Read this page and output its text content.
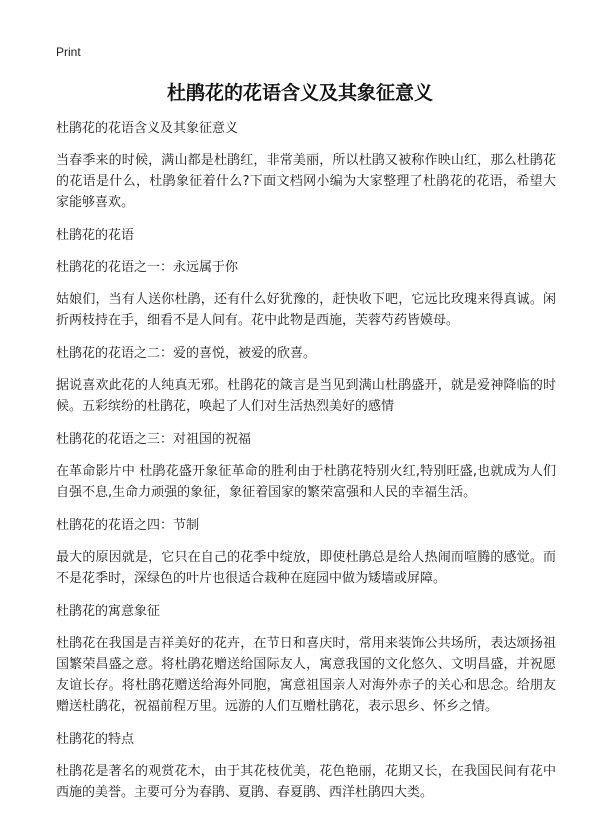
Print
杜鹃花的花语含义及其象征意义

杜鹃花的花语含义及其象征意义

当春季来的时候，满山都是杜鹃红，非常美丽，所以杜鹃又被称作映山红，那么杜鹃花的花语是什么，杜鹃象征着什么?下面文档网小编为大家整理了杜鹃花的花语，希望大家能够喜欢。

杜鹃花的花语

杜鹃花的花语之一：永远属于你

姑娘们，当有人送你杜鹃，还有什么好犹豫的，赶快收下吧，它远比玫瑰来得真诚。闲折两枝持在手，细看不是人间有。花中此物是西施，芙蓉芍药皆嫫母。

杜鹃花的花语之二：爱的喜悦，被爱的欣喜。

据说喜欢此花的人纯真无邪。杜鹃花的箴言是当见到满山杜鹃盛开，就是爱神降临的时候。五彩缤纷的杜鹃花，唤起了人们对生活热烈美好的感情

杜鹃花的花语之三：对祖国的祝福

在革命影片中 杜鹃花盛开象征革命的胜利由于杜鹃花特别火红,特别旺盛,也就成为人们自强不息,生命力顽强的象征，象征着国家的繁荣富强和人民的幸福生活。

杜鹃花的花语之四：节制

最大的原因就是，它只在自己的花季中绽放，即使杜鹃总是给人热闹而喧腾的感觉。而不是花季时，深绿色的叶片也很适合栽种在庭园中做为矮墙或屏障。

杜鹃花的寓意象征

杜鹃花在我国是吉祥美好的花卉，在节日和喜庆时，常用来装饰公共场所，表达颂扬祖国繁荣昌盛之意。将杜鹃花赠送给国际友人，寓意我国的文化悠久、文明昌盛，并祝愿友谊长存。将杜鹃花赠送给海外同胞，寓意祖国亲人对海外赤子的关心和思念。给朋友赠送杜鹃花，祝福前程万里。远游的人们互赠杜鹃花，表示思乡、怀乡之情。

杜鹃花的特点

杜鹃花是著名的观赏花木，由于其花枝优美，花色艳丽，花期又长，在我国民间有花中西施的美誉。主要可分为春鹃、夏鹃、春夏鹃、西洋杜鹃四大类。
